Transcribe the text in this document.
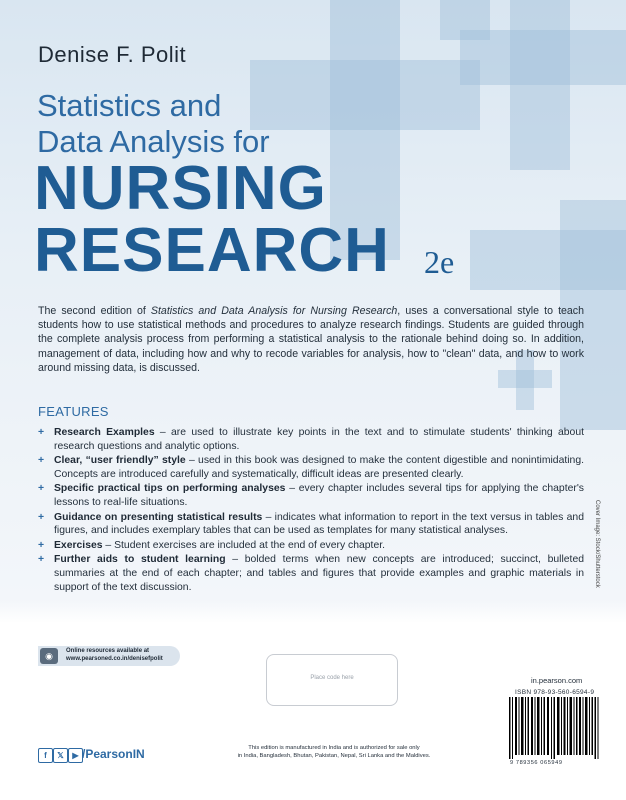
Denise F. Polit
Statistics and
Data Analysis for
NURSING
RESEARCH 2e
The second edition of Statistics and Data Analysis for Nursing Research, uses a conversational style to teach students how to use statistical methods and procedures to analyze research findings. Students are guided through the complete analysis process from performing a statistical analysis to the rationale behind doing so. In addition, management of data, including how and why to recode variables for analysis, how to "clean" data, and how to work around missing data, is discussed.
FEATURES
+ Research Examples – are used to illustrate key points in the text and to stimulate students' thinking about research questions and analytic options.
+ Clear, “user friendly” style – used in this book was designed to make the content digestible and nonintimidating. Concepts are introduced carefully and systematically, difficult ideas are presented clearly.
+ Specific practical tips on performing analyses – every chapter includes several tips for applying the chapter's lessons to real-life situations.
+ Guidance on presenting statistical results – indicates what information to report in the text versus in tables and figures, and includes exemplary tables that can be used as templates for many statistical analyses.
+ Exercises – Student exercises are included at the end of every chapter.
+ Further aids to student learning – bolded terms when new concepts are introduced; succinct, bulleted summaries at the end of each chapter; and tables and figures that provide examples and graphic materials in support of the text discussion.	Cover Image: Stock/Shutterstock
◉	Online resources available at
www.pearsoned.co.in/denisefpolit
Place code here	in.pearson.com
ISBN 978-93-560-6594-9
9 789356 065949
f	𝕏	▶ /PearsonIN	This edition is manufactured in India and is authorized for sale only
in India, Bangladesh, Bhutan, Pakistan, Nepal, Sri Lanka and the Maldives.
